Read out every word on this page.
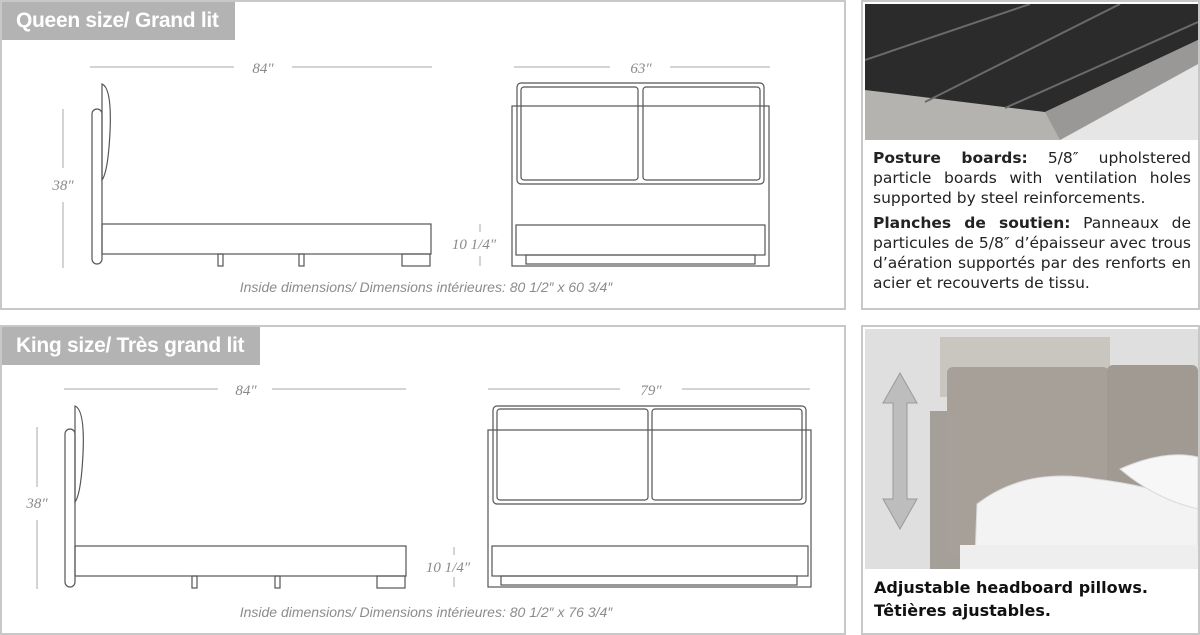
Queen size/ Grand lit
84″	63″
38″
10 1/4″
Inside dimensions/ Dimensions intérieures: 80 1/2″ x 60 3/4″
King size/ Très grand lit
84″	79″
38″
10 1/4″
Inside dimensions/ Dimensions intérieures: 80 1/2″ x 76 3/4″

Posture boards: 5/8″ upholstered particle boards with ventilation holes supported by steel reinforcements.

Planches de soutien: Panneaux de particules de 5/8″ d’épaisseur avec trous d’aération supportés par des renforts en acier et recouverts de tissu.

Adjustable headboard pillows.

Têtières ajustables.
